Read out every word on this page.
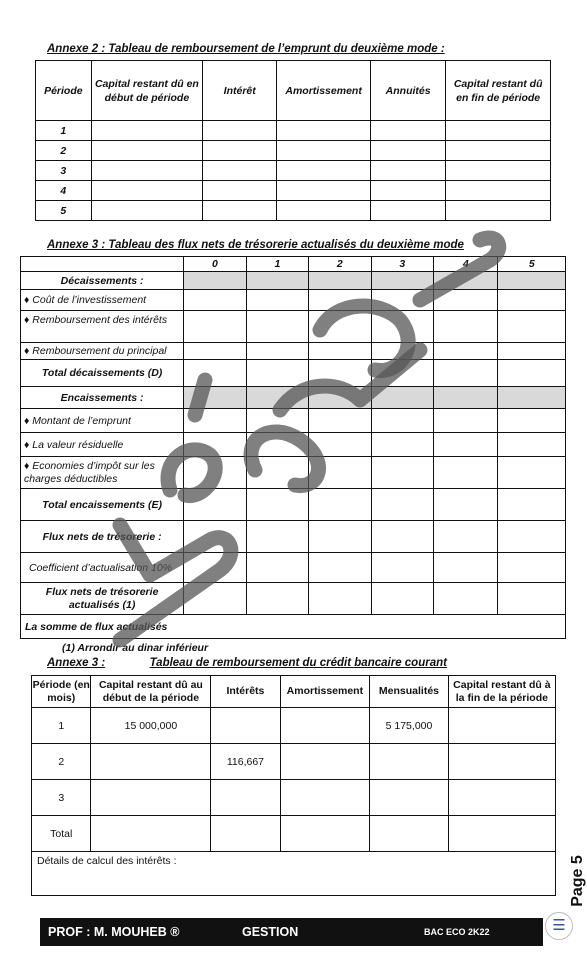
Annexe 2 : Tableau de remboursement de l’emprunt du deuxième mode :
Période	Capital restant dû en début de période	Intérêt	Amortissement	Annuités	Capital restant dû en fin de période
1					
2					
3					
4					
5					
Annexe 3 : Tableau des flux nets de trésorerie actualisés du deuxième mode
	0	1	2	3	4	5
Décaissements :						
♦ Coût de l’investissement						
♦ Remboursement des intérêts						
♦ Remboursement du principal						
Total décaissements (D)						
Encaissements :						
♦ Montant de l’emprunt						
♦ La valeur résiduelle						
♦ Economies d’impôt sur les charges déductibles						
Total encaissements (E)						
Flux nets de trésorerie :						
Coefficient d’actualisation 10%						
Flux nets de trésorerie actualisés (1)						
La somme de flux actualisés						
(1) Arrondir au dinar inférieur
Annexe 3 :	Tableau de remboursement du crédit bancaire courant
Période (en mois)	Capital restant dû au début de la période	Intérêts	Amortissement	Mensualités	Capital restant dû à la fin de la période
1	15 000,000			5 175,000	
2		116,667			
3					
Total					
Détails de calcul des intérêts :					
PROF : M. MOUHEB ®	GESTION	BAC ECO 2K22
Page 5
☰
